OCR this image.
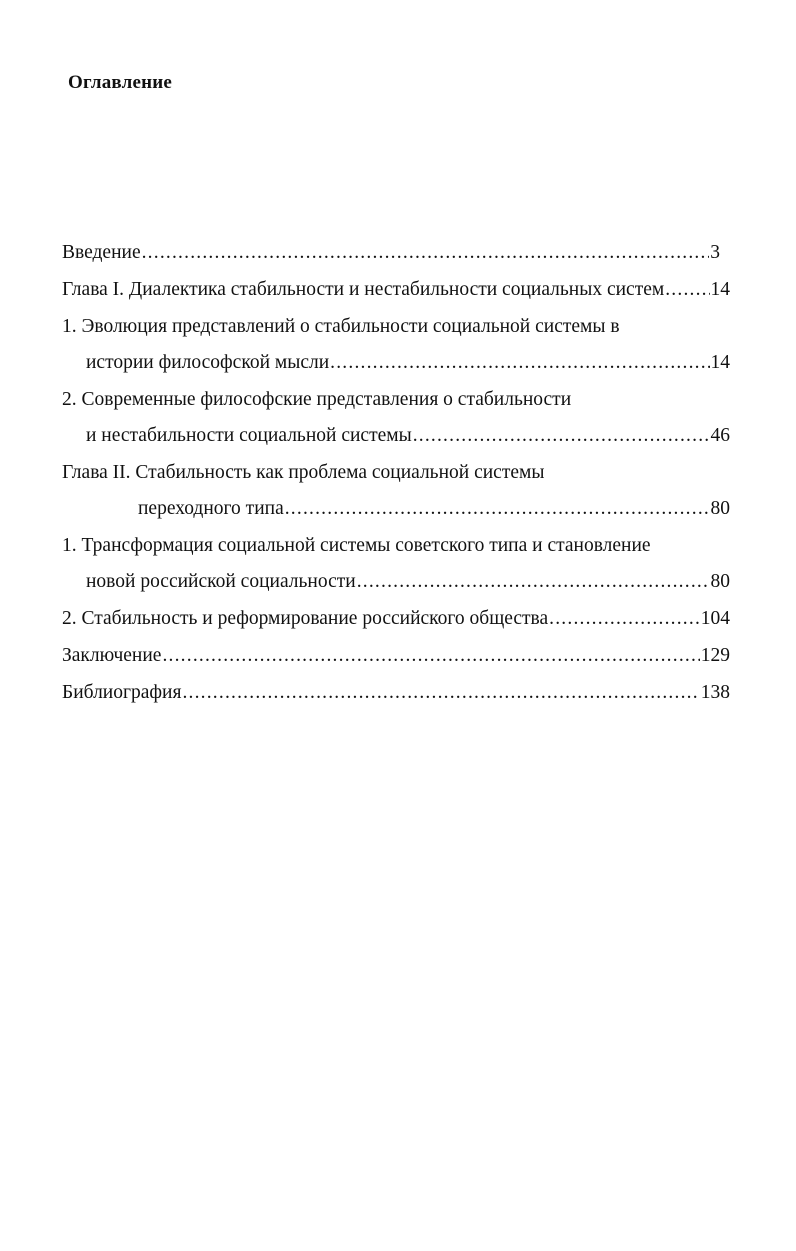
Оглавление
Введение .....	3
Глава I. Диалектика стабильности и нестабильности социальных систем ..... 14
1. Эволюция представлений о стабильности социальной системы в
истории философской мысли .....	14
2. Современные философские представления о стабильности
и нестабильности социальной системы .....	46
Глава II. Стабильность как проблема социальной системы
переходного типа .....	80
1. Трансформация социальной системы советского типа и становление
новой российской социальности .....	80
2. Стабильность и реформирование российского общества .....	104
Заключение .....	129
Библиография .....	138
